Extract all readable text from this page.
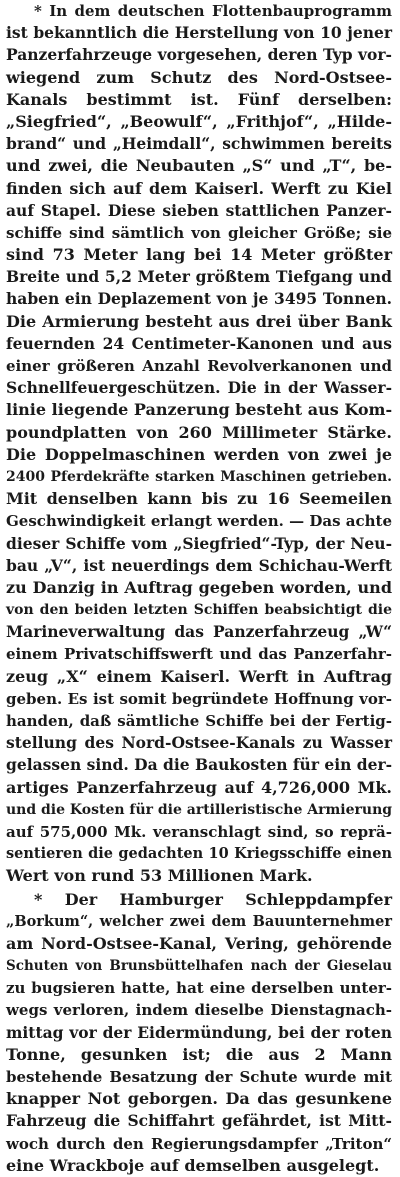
* In dem deutschen Flottenbauprogramm
ist bekanntlich die Herstellung von 10 jener
Panzerfahrzeuge vorgesehen, deren Typ vor-
wiegend zum Schutz des Nord-Ostsee-
Kanals bestimmt ist. Fünf derselben:
„Siegfried“, „Beowulf“, „Frithjof“, „Hilde-
brand“ und „Heimdall“, schwimmen bereits
und zwei, die Neubauten „S“ und „T“, be-
finden sich auf dem Kaiserl. Werft zu Kiel
auf Stapel. Diese sieben stattlichen Panzer-
schiffe sind sämtlich von gleicher Größe; sie
sind 73 Meter lang bei 14 Meter größter
Breite und 5,2 Meter größtem Tiefgang und
haben ein Deplazement von je 3495 Tonnen.
Die Armierung besteht aus drei über Bank
feuernden 24 Centimeter-Kanonen und aus
einer größeren Anzahl Revolverkanonen und
Schnellfeuergeschützen. Die in der Wasser-
linie liegende Panzerung besteht aus Kom-
poundplatten von 260 Millimeter Stärke.
Die Doppelmaschinen werden von zwei je
2400 Pferdekräfte starken Maschinen getrieben.
Mit denselben kann bis zu 16 Seemeilen
Geschwindigkeit erlangt werden. — Das achte
dieser Schiffe vom „Siegfried“-Typ, der Neu-
bau „V“, ist neuerdings dem Schichau-Werft
zu Danzig in Auftrag gegeben worden, und
von den beiden letzten Schiffen beabsichtigt die
Marineverwaltung das Panzerfahrzeug „W“
einem Privatschiffswerft und das Panzerfahr-
zeug „X“ einem Kaiserl. Werft in Auftrag
geben. Es ist somit begründete Hoffnung vor-
handen, daß sämtliche Schiffe bei der Fertig-
stellung des Nord-Ostsee-Kanals zu Wasser
gelassen sind. Da die Baukosten für ein der-
artiges Panzerfahrzeug auf 4,726,000 Mk.
und die Kosten für die artilleristische Armierung
auf 575,000 Mk. veranschlagt sind, so reprä-
sentieren die gedachten 10 Kriegsschiffe einen
Wert von rund 53 Millionen Mark.
* Der Hamburger Schleppdampfer
„Borkum“, welcher zwei dem Bauunternehmer
am Nord-Ostsee-Kanal, Vering, gehörende
Schuten von Brunsbüttelhafen nach der Gieselau
zu bugsieren hatte, hat eine derselben unter-
wegs verloren, indem dieselbe Dienstagnach-
mittag vor der Eidermündung, bei der roten
Tonne, gesunken ist; die aus 2 Mann
bestehende Besatzung der Schute wurde mit
knapper Not geborgen. Da das gesunkene
Fahrzeug die Schiffahrt gefährdet, ist Mitt-
woch durch den Regierungsdampfer „Triton“
eine Wrackboje auf demselben ausgelegt.
